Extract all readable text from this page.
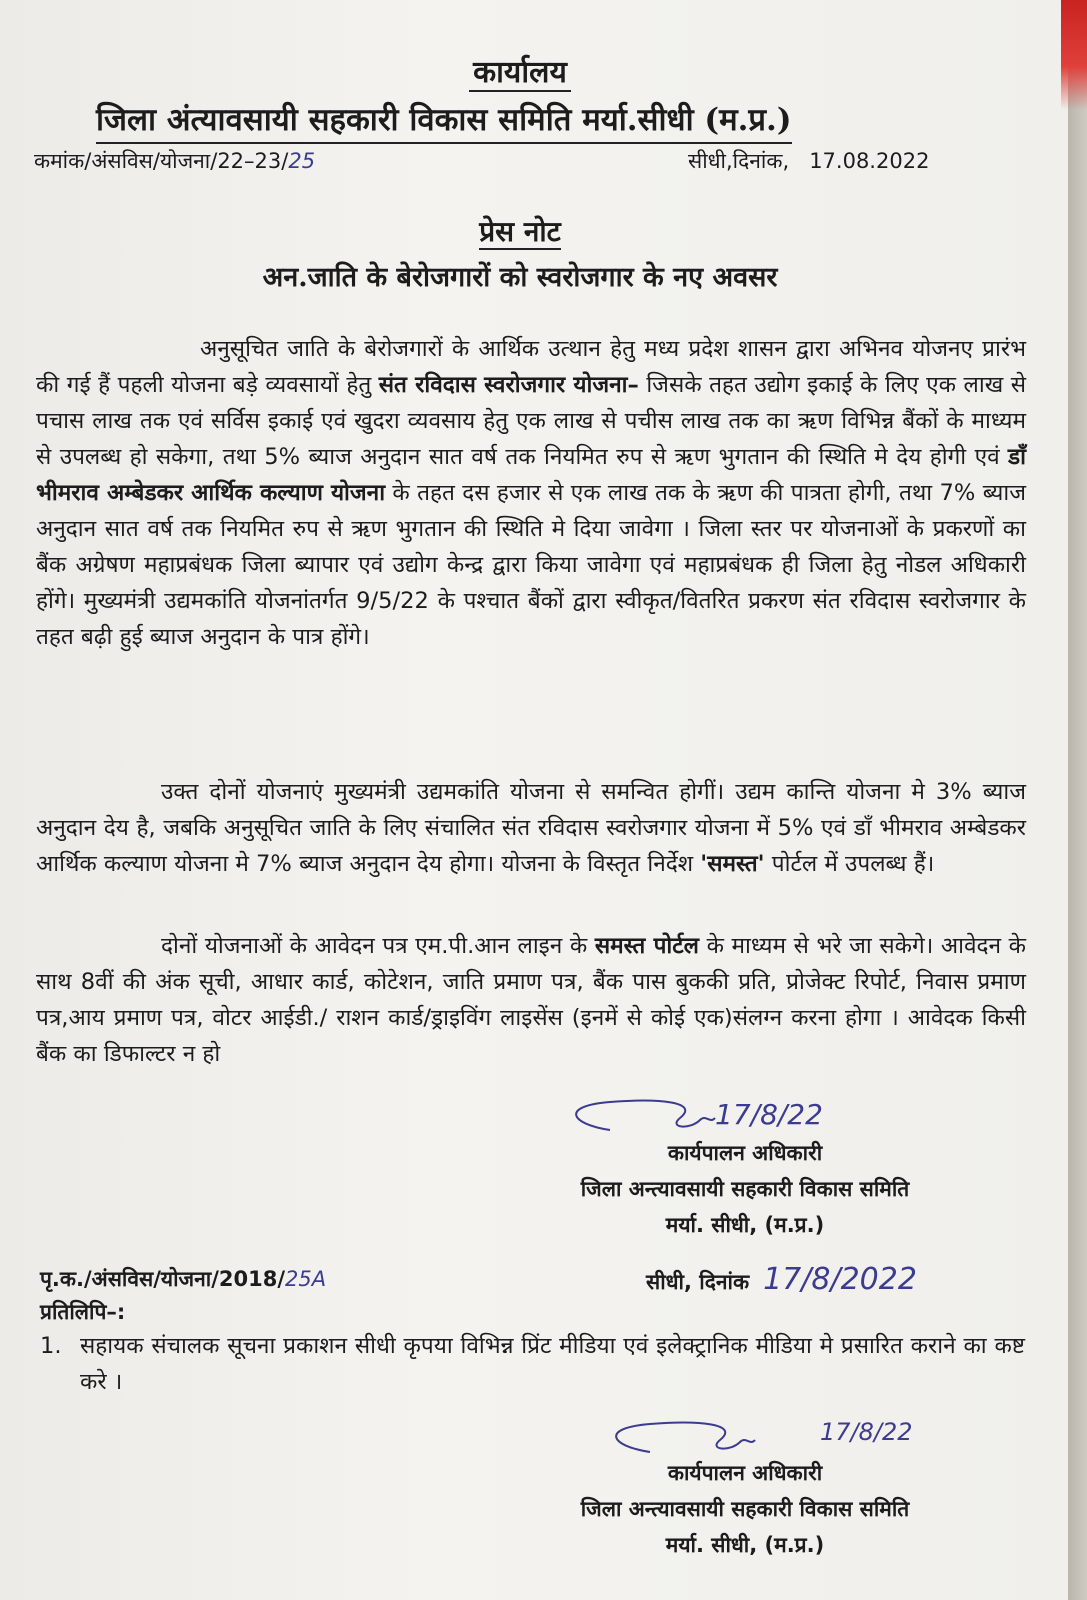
कार्यालय
जिला अंत्यावसायी सहकारी विकास समिति मर्या.सीधी (म.प्र.)
कमांक/अंसविस/योजना/22–23/25	सीधी,दिनांक, 17.08.2022
प्रेस नोट
अन.जाति के बेरोजगारों को स्वरोजगार के नए अवसर
अनुसूचित जाति के बेरोजगारों के आर्थिक उत्थान हेतु मध्य प्रदेश शासन द्वारा अभिनव योजनए प्रारंभ की गई हैं पहली योजना बड़े व्यवसायों हेतु संत रविदास स्वरोजगार योजना– जिसके तहत उद्योग इकाई के लिए एक लाख से पचास लाख तक एवं सर्विस इकाई एवं खुदरा व्यवसाय हेतु एक लाख से पचीस लाख तक का ऋण विभिन्न बैंकों के माध्यम से उपलब्ध हो सकेगा, तथा 5% ब्याज अनुदान सात वर्ष तक नियमित रुप से ऋण भुगतान की स्थिति मे देय होगी एवं डॉं भीमराव अम्बेडकर आर्थिक कल्याण योजना के तहत दस हजार से एक लाख तक के ऋण की पात्रता होगी, तथा 7% ब्याज अनुदान सात वर्ष तक नियमित रुप से ऋण भुगतान की स्थिति मे दिया जावेगा । जिला स्तर पर योजनाओं के प्रकरणों का बैंक अग्रेषण महाप्रबंधक जिला ब्यापार एवं उद्योग केन्द्र द्वारा किया जावेगा एवं महाप्रबंधक ही जिला हेतु नोडल अधिकारी होंगे। मुख्यमंत्री उद्यमकांति योजनांतर्गत 9/5/22 के पश्चात बैंकों द्वारा स्वीकृत/वितरित प्रकरण संत रविदास स्वरोजगार के तहत बढ़ी हुई ब्याज अनुदान के पात्र होंगे।
उक्त दोनों योजनाएं मुख्यमंत्री उद्यमकांति योजना से समन्वित होगीं। उद्यम कान्ति योजना मे 3% ब्याज अनुदान देय है, जबकि अनुसूचित जाति के लिए संचालित संत रविदास स्वरोजगार योजना में 5% एवं डॉं भीमराव अम्बेडकर आर्थिक कल्याण योजना मे 7% ब्याज अनुदान देय होगा। योजना के विस्तृत निर्देश 'समस्त' पोर्टल में उपलब्ध हैं।
दोनों योजनाओं के आवेदन पत्र एम.पी.आन लाइन के समस्त पोर्टल के माध्यम से भरे जा सकेगे। आवेदन के साथ 8वीं की अंक सूची, आधार कार्ड, कोटेशन, जाति प्रमाण पत्र, बैंक पास बुककी प्रति, प्रोजेक्ट रिपोर्ट, निवास प्रमाण पत्र,आय प्रमाण पत्र, वोटर आईडी./ राशन कार्ड/ड्राइविंग लाइसेंस (इनमें से कोई एक)संलग्न करना होगा । आवेदक किसी बैंक का डिफाल्टर न हो
17/8/22
कार्यपालन अधिकारी
जिला अन्त्यावसायी सहकारी विकास समिति
मर्या. सीधी, (म.प्र.)
पृ.क./अंसविस/योजना/2018/25A	सीधी, दिनांक 17/8/2022
प्रतिलिपि–:
1. सहायक संचालक सूचना प्रकाशन सीधी कृपया विभिन्न प्रिंट मीडिया एवं इलेक्ट्रानिक मीडिया मे प्रसारित कराने का कष्ट करे ।
17/8/22
कार्यपालन अधिकारी
जिला अन्त्यावसायी सहकारी विकास समिति
मर्या. सीधी, (म.प्र.)
